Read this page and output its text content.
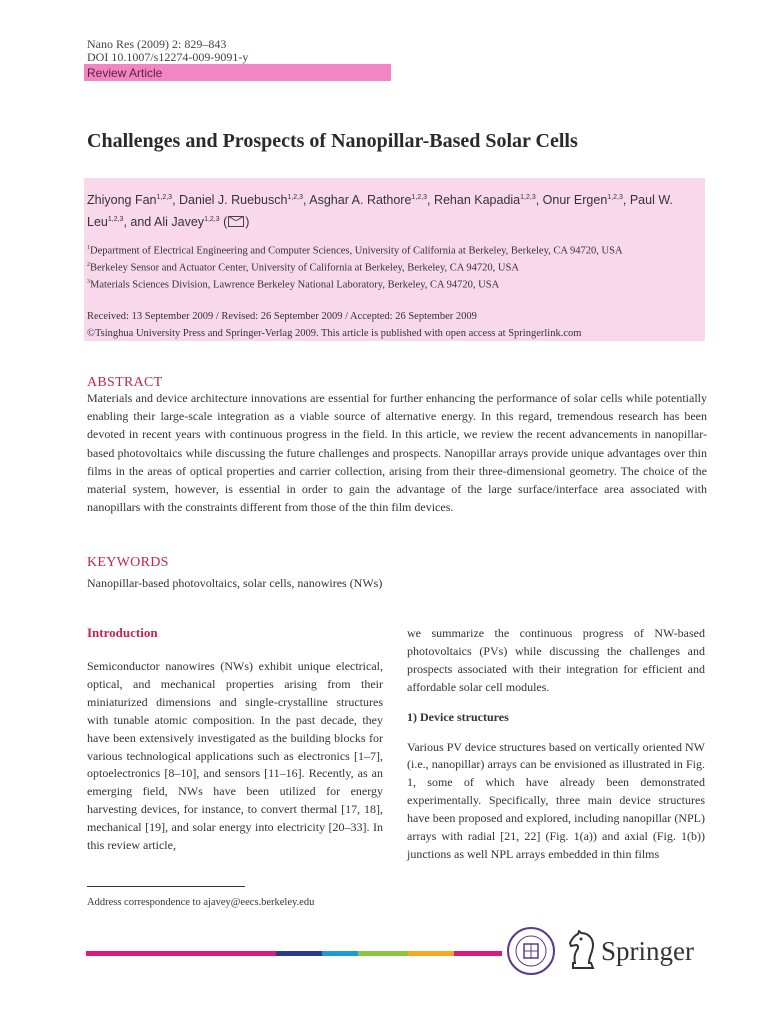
Nano Res (2009) 2: 829–843
DOI 10.1007/s12274-009-9091-y
Review Article
Challenges and Prospects of Nanopillar-Based Solar Cells
Zhiyong Fan$^{1,2,3}$, Daniel J. Ruebusch$^{1,2,3}$, Asghar A. Rathore$^{1,2,3}$, Rehan Kapadia$^{1,2,3}$, Onur Ergen$^{1,2,3}$, Paul W. Leu$^{1,2,3}$, and Ali Javey$^{1,2,3}$ ( )
$^1$Department of Electrical Engineering and Computer Sciences, University of California at Berkeley, Berkeley, CA 94720, USA
$^2$Berkeley Sensor and Actuator Center, University of California at Berkeley, Berkeley, CA 94720, USA
$^3$Materials Sciences Division, Lawrence Berkeley National Laboratory, Berkeley, CA 94720, USA
Received: 13 September 2009 / Revised: 26 September 2009 / Accepted: 26 September 2009
©Tsinghua University Press and Springer-Verlag 2009. This article is published with open access at Springerlink.com
ABSTRACT
Materials and device architecture innovations are essential for further enhancing the performance of solar cells while potentially enabling their large-scale integration as a viable source of alternative energy. In this regard, tremendous research has been devoted in recent years with continuous progress in the field. In this article, we review the recent advancements in nanopillar-based photovoltaics while discussing the future challenges and prospects. Nanopillar arrays provide unique advantages over thin films in the areas of optical properties and carrier collection, arising from their three-dimensional geometry. The choice of the material system, however, is essential in order to gain the advantage of the large surface/interface area associated with nanopillars with the constraints different from those of the thin film devices.
KEYWORDS
Nanopillar-based photovoltaics, solar cells, nanowires (NWs)
Introduction

Semiconductor nanowires (NWs) exhibit unique electrical, optical, and mechanical properties arising from their miniaturized dimensions and single-crystalline structures with tunable atomic composition. In the past decade, they have been extensively investigated as the building blocks for various technological applications such as electronics [1–7], optoelectronics [8–10], and sensors [11–16]. Recently, as an emerging field, NWs have been utilized for energy harvesting devices, for instance, to convert thermal [17, 18], mechanical [19], and solar energy into electricity [20–33]. In this review article,

we summarize the continuous progress of NW-based photovoltaics (PVs) while discussing the challenges and prospects associated with their integration for efficient and affordable solar cell modules.

1) Device structures

Various PV device structures based on vertically oriented NW (i.e., nanopillar) arrays can be envisioned as illustrated in Fig. 1, some of which have already been demonstrated experimentally. Specifically, three main device structures have been proposed and explored, including nanopillar (NPL) arrays with radial [21, 22] (Fig. 1(a)) and axial (Fig. 1(b)) junctions as well NPL arrays embedded in thin films

Address correspondence to ajavey@eecs.berkeley.edu
Springer
